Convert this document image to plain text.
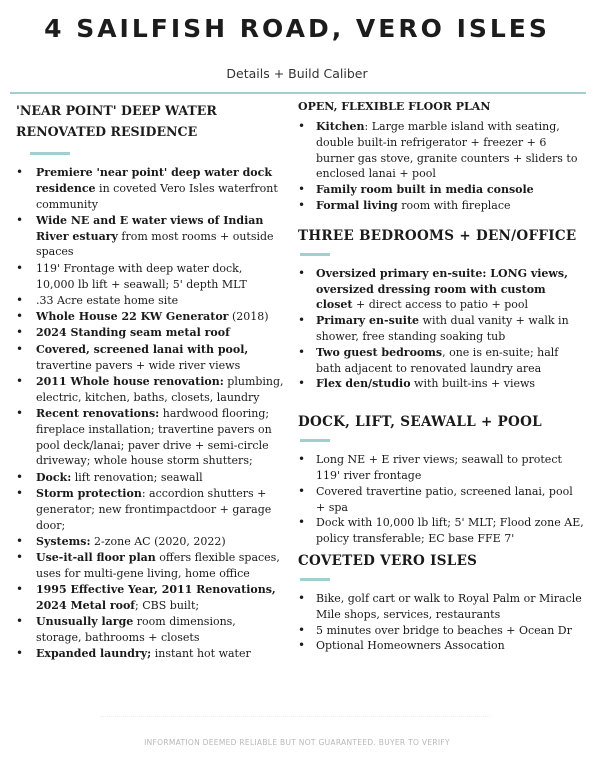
4 SAILFISH ROAD, VERO ISLES
Details + Build Caliber

'NEAR POINT' DEEP WATER
RENOVATED RESIDENCE

• Premiere 'near point' deep water dock residence in coveted Vero Isles waterfront community
• Wide NE and E water views of Indian River estuary from most rooms + outside spaces
• 119' Frontage with deep water dock, 10,000 lb lift + seawall; 5' depth MLT
• .33 Acre estate home site
• Whole House 22 KW Generator (2018)
• 2024 Standing seam metal roof
• Covered, screened lanai with pool, travertine pavers + wide river views
• 2011 Whole house renovation: plumbing, electric, kitchen, baths, closets, laundry
• Recent renovations: hardwood flooring; fireplace installation; travertine pavers on pool deck/lanai; paver drive + semi-circle driveway; whole house storm shutters;
• Dock: lift renovation; seawall
• Storm protection: accordion shutters + generator; new frontimpactdoor + garage door;
• Systems: 2-zone AC (2020, 2022)
• Use-it-all floor plan offers flexible spaces, uses for multi-gene living, home office
• 1995 Effective Year, 2011 Renovations, 2024 Metal roof; CBS built;
• Unusually large room dimensions, storage, bathrooms + closets
• Expanded laundry; instant hot water

OPEN, FLEXIBLE FLOOR PLAN

• Kitchen: Large marble island with seating, double built-in refrigerator + freezer + 6 burner gas stove, granite counters + sliders to enclosed lanai + pool
• Family room built in media console
• Formal living room with fireplace

THREE BEDROOMS + DEN/OFFICE

• Oversized primary en-suite: LONG views, oversized dressing room with custom closet + direct access to patio + pool
• Primary en-suite with dual vanity + walk in shower, free standing soaking tub
• Two guest bedrooms, one is en-suite; half bath adjacent to renovated laundry area
• Flex den/studio with built-ins + views

DOCK, LIFT, SEAWALL + POOL

• Long NE + E river views; seawall to protect 119' river frontage
• Covered travertine patio, screened lanai, pool + spa
• Dock with 10,000 lb lift; 5' MLT; Flood zone AE, policy transferable; EC base FFE 7'

COVETED VERO ISLES

• Bike, golf cart or walk to Royal Palm or Miracle Mile shops, services, restaurants
• 5 minutes over bridge to beaches + Ocean Dr
• Optional Homeowners Assocation
INFORMATION DEEMED RELIABLE BUT NOT GUARANTEED. BUYER TO VERIFY
